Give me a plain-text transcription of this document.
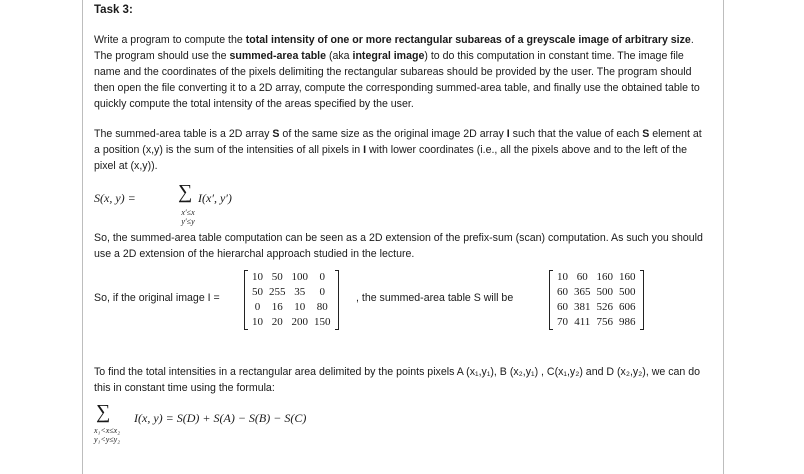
Task 3:
Write a program to compute the total intensity of one or more rectangular subareas of a greyscale image of arbitrary size. The program should use the summed-area table (aka integral image) to do this computation in constant time. The image file name and the coordinates of the pixels delimiting the rectangular subareas should be provided by the user. The program should then open the file converting it to a 2D array, compute the corresponding summed-area table, and finally use the obtained table to quickly compute the total intensity of the areas specified by the user.
The summed-area table is a 2D array S of the same size as the original image 2D array I such that the value of each S element at a position (x,y) is the sum of the intensities of all pixels in I with lower coordinates (i.e., all the pixels above and to the left of the pixel at (x,y)).
S(x, y) = ∑ I(x′, y′)
x′≤x
y′≤y
So, the summed-area table computation can be seen as a 2D extension of the prefix-sum (scan) computation. As such you should use a 2D extension of the hierarchal approach studied in the lecture.
So, if the original image I =
10	50	100	0
50	255	35	0
0	16	10	80
10	20	200	150
, the summed-area table S will be
10	60	160	160
60	365	500	500
60	381	526	606
70	411	756	986
To find the total intensities in a rectangular area delimited by the points pixels A (x₁,y₁), B (x₂,y₁) , C(x₁,y₂) and D (x₂,y₂), we can do this in constant time using the formula:
∑ I(x, y) = S(D) + S(A) − S(B) − S(C)
x₁<x≤x₂
y₁<y≤y₂
